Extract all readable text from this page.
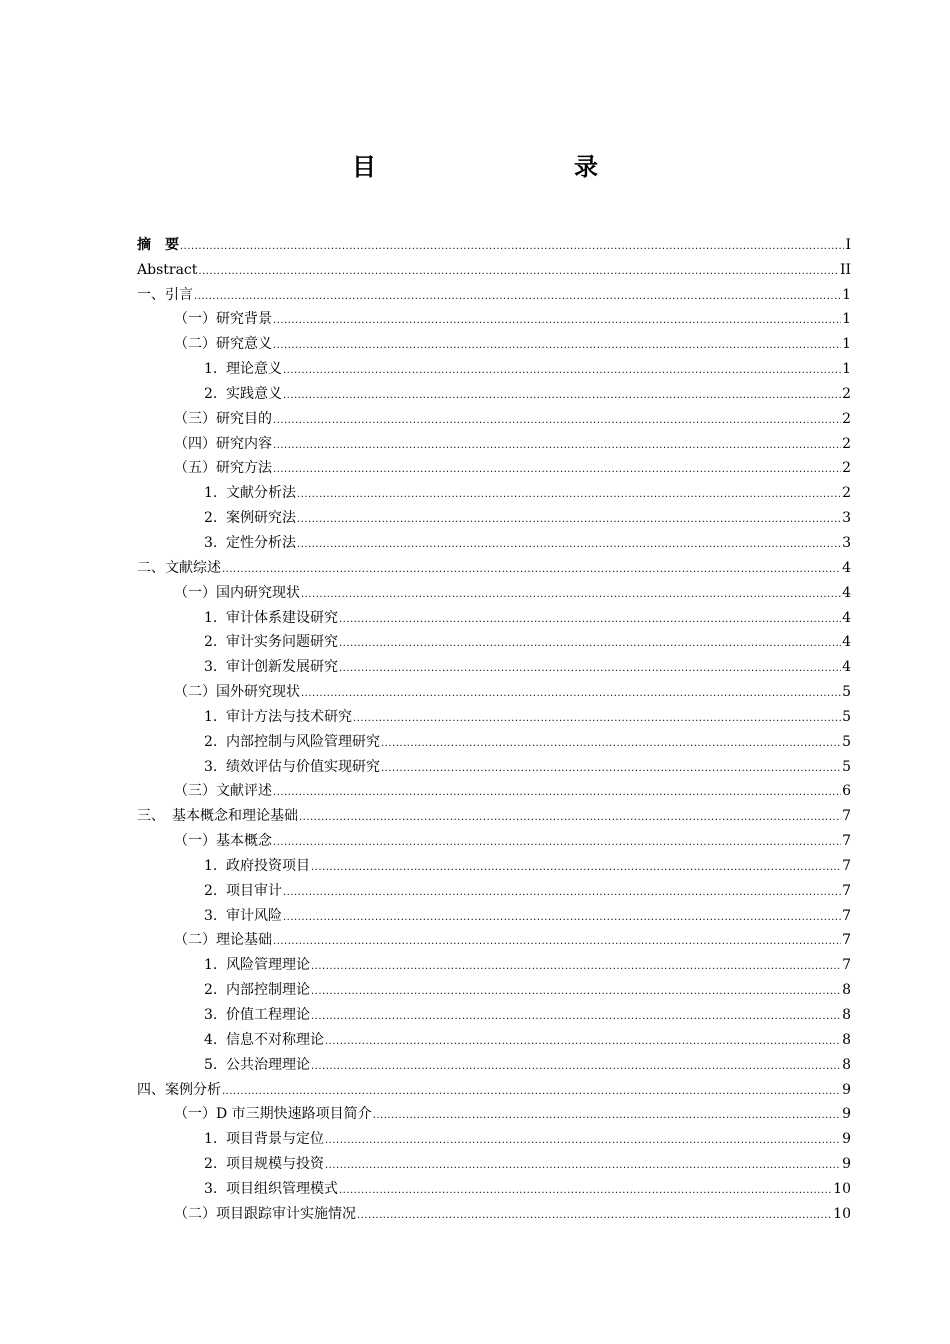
目　　录
摘　要 .....	I
Abstract .....	II
一、引言 .....	1
（一）研究背景 .....	1
（二）研究意义 .....	1
1. 理论意义 .....	1
2. 实践意义 .....	2
（三）研究目的 .....	2
（四）研究内容 .....	2
（五）研究方法 .....	2
1. 文献分析法 .....	2
2. 案例研究法 .....	3
3. 定性分析法 .....	3
二、文献综述 .....	4
（一）国内研究现状 .....	4
1. 审计体系建设研究 .....	4
2. 审计实务问题研究 .....	4
3. 审计创新发展研究 .....	4
（二）国外研究现状 .....	5
1. 审计方法与技术研究 .....	5
2. 内部控制与风险管理研究 .....	5
3. 绩效评估与价值实现研究 .....	5
（三）文献评述 .....	6
三、　基本概念和理论基础 .....	7
（一）基本概念 .....	7
1. 政府投资项目 .....	7
2. 项目审计 .....	7
3. 审计风险 .....	7
（二）理论基础 .....	7
1. 风险管理理论 .....	7
2. 内部控制理论 .....	8
3. 价值工程理论 .....	8
4. 信息不对称理论 .....	8
5. 公共治理理论 .....	8
四、案例分析 .....	9
（一）D 市三期快速路项目简介 .....	9
1. 项目背景与定位 .....	9
2. 项目规模与投资 .....	9
3. 项目组织管理模式 .....	10
（二）项目跟踪审计实施情况 .....	10
